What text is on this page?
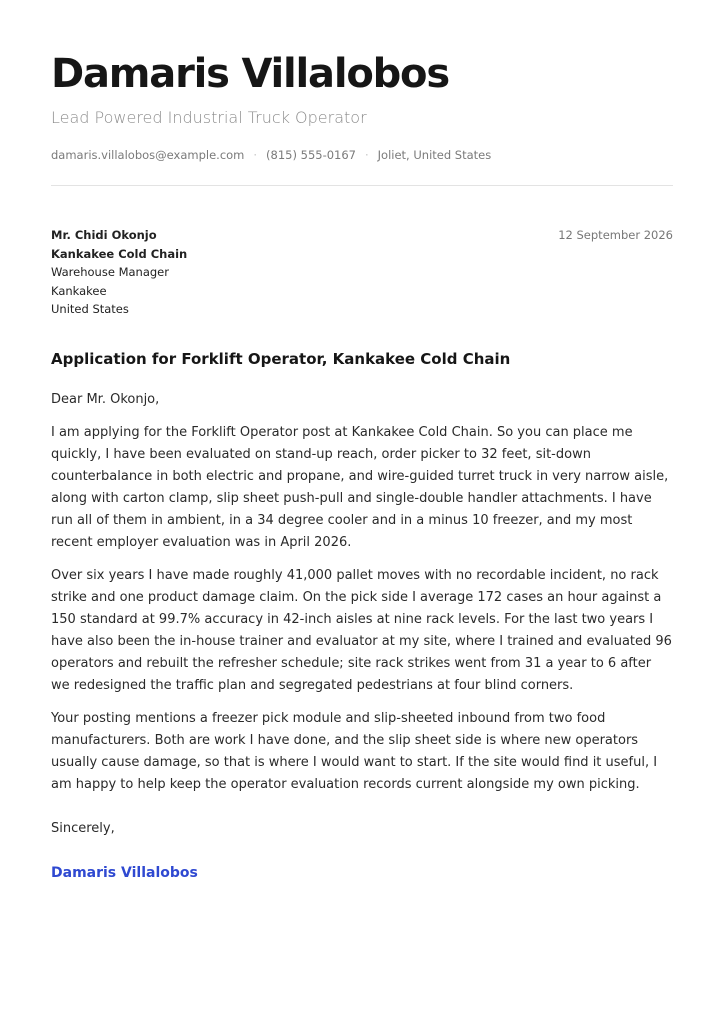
Damaris Villalobos
Lead Powered Industrial Truck Operator
damaris.villalobos@example.com · (815) 555-0167 · Joliet, United States
Mr. Chidi Okonjo
Kankakee Cold Chain
Warehouse Manager
Kankakee
United States
12 September 2026
Application for Forklift Operator, Kankakee Cold Chain

Dear Mr. Okonjo,

I am applying for the Forklift Operator post at Kankakee Cold Chain. So you can place me quickly, I have been evaluated on stand-up reach, order picker to 32 feet, sit-down counterbalance in both electric and propane, and wire-guided turret truck in very narrow aisle, along with carton clamp, slip sheet push-pull and single-double handler attachments. I have run all of them in ambient, in a 34 degree cooler and in a minus 10 freezer, and my most recent employer evaluation was in April 2026.

Over six years I have made roughly 41,000 pallet moves with no recordable incident, no rack strike and one product damage claim. On the pick side I average 172 cases an hour against a 150 standard at 99.7% accuracy in 42-inch aisles at nine rack levels. For the last two years I have also been the in-house trainer and evaluator at my site, where I trained and evaluated 96 operators and rebuilt the refresher schedule; site rack strikes went from 31 a year to 6 after we redesigned the traffic plan and segregated pedestrians at four blind corners.

Your posting mentions a freezer pick module and slip-sheeted inbound from two food manufacturers. Both are work I have done, and the slip sheet side is where new operators usually cause damage, so that is where I would want to start. If the site would find it useful, I am happy to help keep the operator evaluation records current alongside my own picking.

Sincerely,
Damaris Villalobos
